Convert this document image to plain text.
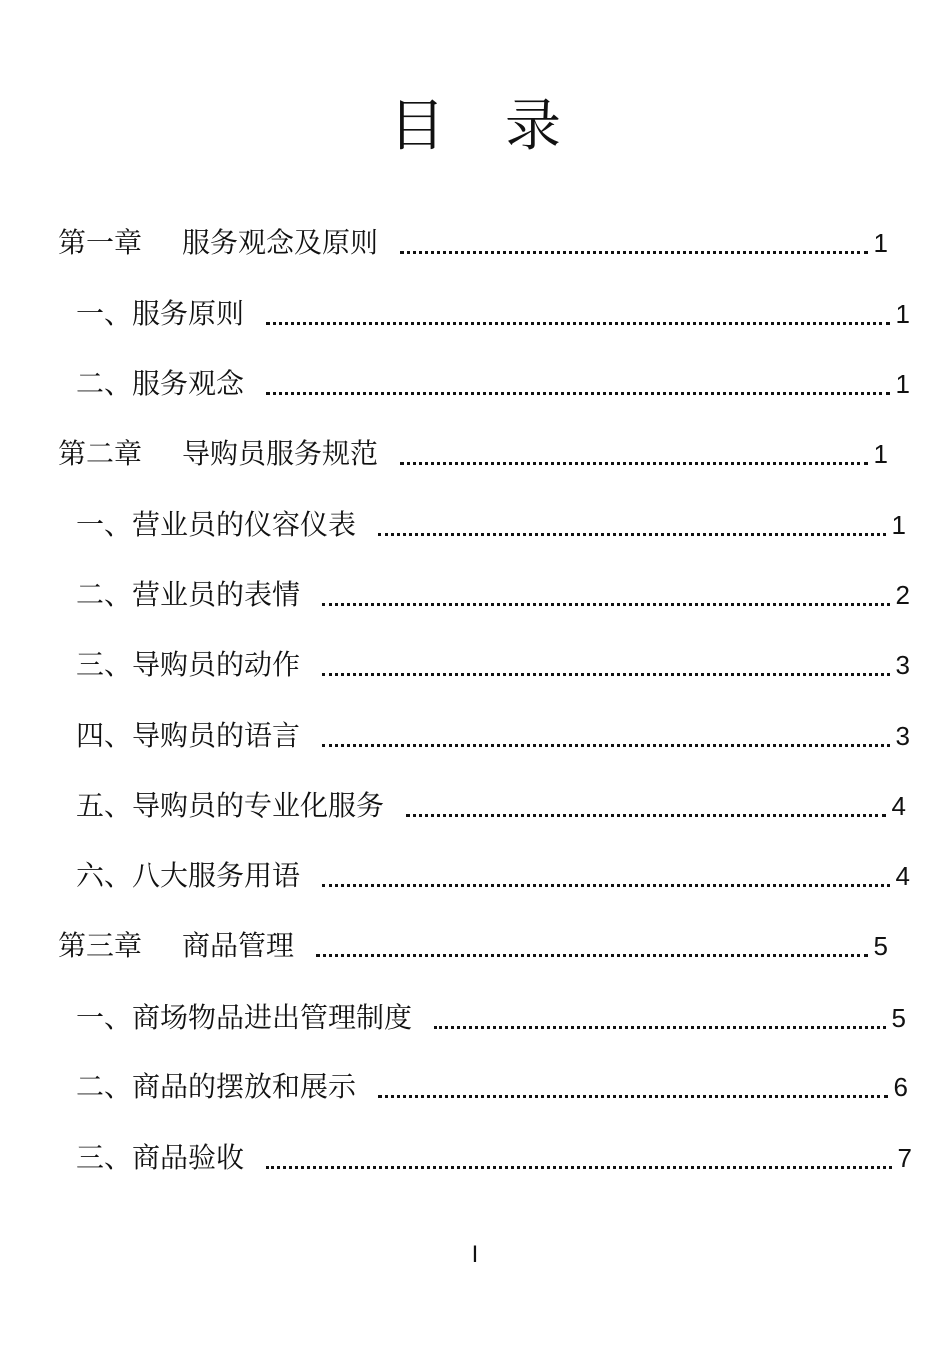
目 录
第一章 服务观念及原则	1
一、服务原则	1
二、服务观念	1
第二章 导购员服务规范	1
一、营业员的仪容仪表	1
二、营业员的表情	2
三、导购员的动作	3
四、导购员的语言	3
五、导购员的专业化服务	4
六、八大服务用语	4
第三章 商品管理	5
一、商场物品进出管理制度	5
二、商品的摆放和展示	6
三、商品验收	7
I
